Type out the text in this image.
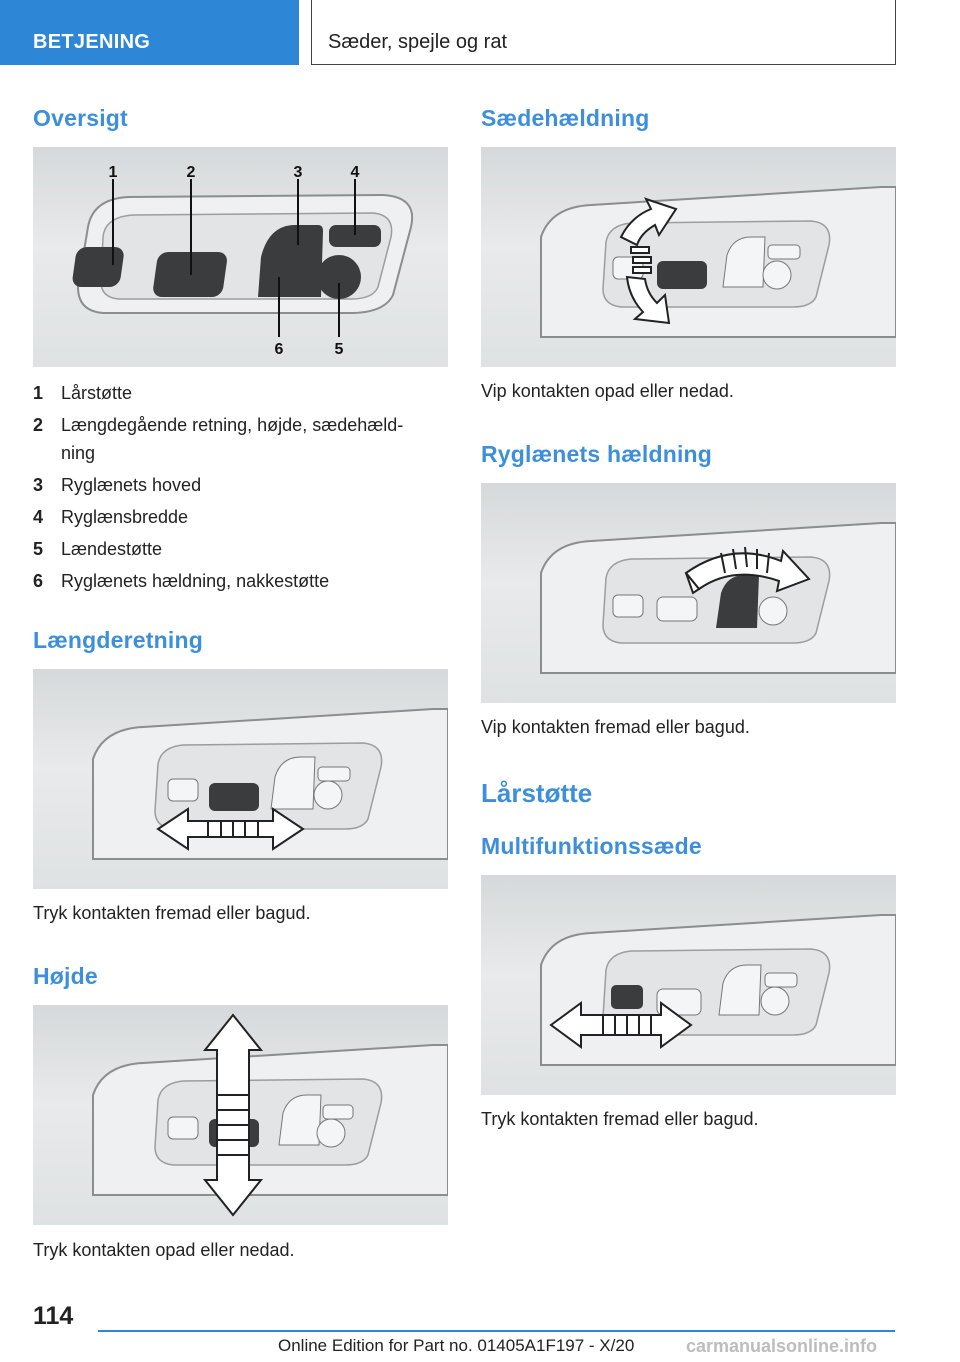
BETJENING	Sæder, spejle og rat
Oversigt
1	2	3	4
6	5
1 Lårstøtte
2 Længdegående retning, højde, sædehæld-
ning
3 Ryglænets hoved
4 Ryglænsbredde
5 Lændestøtte
6 Ryglænets hældning, nakkestøtte
Længderetning
Tryk kontakten fremad eller bagud.
Højde
Tryk kontakten opad eller nedad.
Sædehældning
Vip kontakten opad eller nedad.
Ryglænets hældning
Vip kontakten fremad eller bagud.
Lårstøtte
Multifunktionssæde
Tryk kontakten fremad eller bagud.
114
Online Edition for Part no. 01405A1F197 - X/20	carmanualsonline.info
